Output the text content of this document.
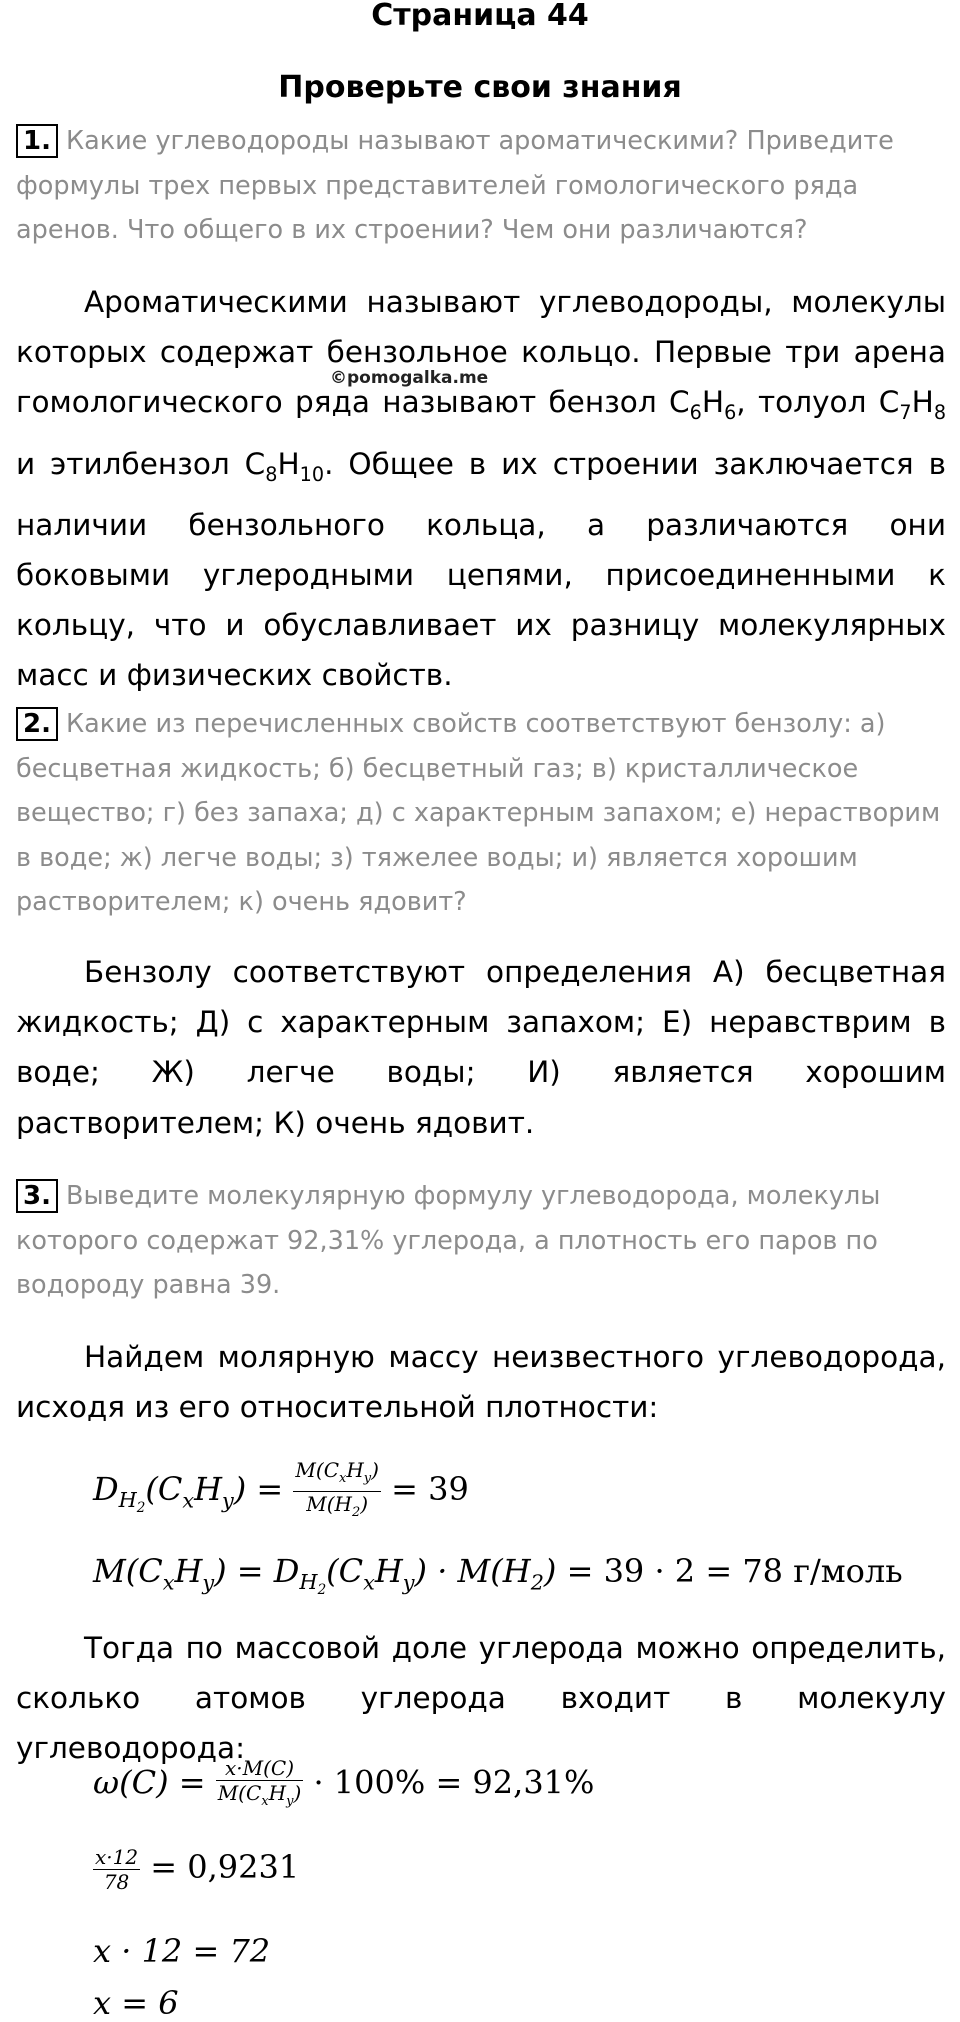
Страница 44
Проверьте свои знания
1. Какие углеводороды называют ароматическими? Приведите формулы трех первых представителей гомологического ряда аренов. Что общего в их строении? Чем они различаются?
Ароматическими называют углеводороды, молекулы которых содержат бензольное кольцо. Первые три арена гомологического ряда называют бензол $C_6H_6$, толуол $C_7H_8$ и этилбензол $C_8H_{10}$. Общее в их строении заключается в наличии бензольного кольца, а различаются они боковыми углеродными цепями, присоединенными к кольцу, что и обуславливает их разницу молекулярных масс и физических свойств.
©pomogalka.me
2. Какие из перечисленных свойств соответствуют бензолу: а) бесцветная жидкость; б) бесцветный газ; в) кристаллическое вещество; г) без запаха; д) с характерным запахом; е) нерастворим в воде; ж) легче воды; з) тяжелее воды; и) является хорошим растворителем; к) очень ядовит?
Бензолу соответствуют определения А) бесцветная жидкость; Д) с характерным запахом; Е) неравстврим в воде; Ж) легче воды; И) является хорошим растворителем; К) очень ядовит.
3. Выведите молекулярную формулу углеводорода, молекулы которого содержат 92,31% углерода, а плотность его паров по водороду равна 39.
Найдем молярную массу неизвестного углеводорода, исходя из его относительной плотности:
$D_{H_2}(C_xH_y) = \frac{M(C_xH_y)}{M(H_2)} = 39$
$M(C_xH_y) = D_{H_2}(C_xH_y) \cdot M(H_2) = 39 \cdot 2 = 78$ г/моль
Тогда по массовой доле углерода можно определить, сколько атомов углерода входит в молекулу углеводорода:
$\omega(C) = \frac{x\cdot M(C)}{M(C_xH_y)} \cdot 100\% = 92,31\%$
$\frac{x\cdot 12}{78} = 0,9231$
x · 12 = 72
x = 6
